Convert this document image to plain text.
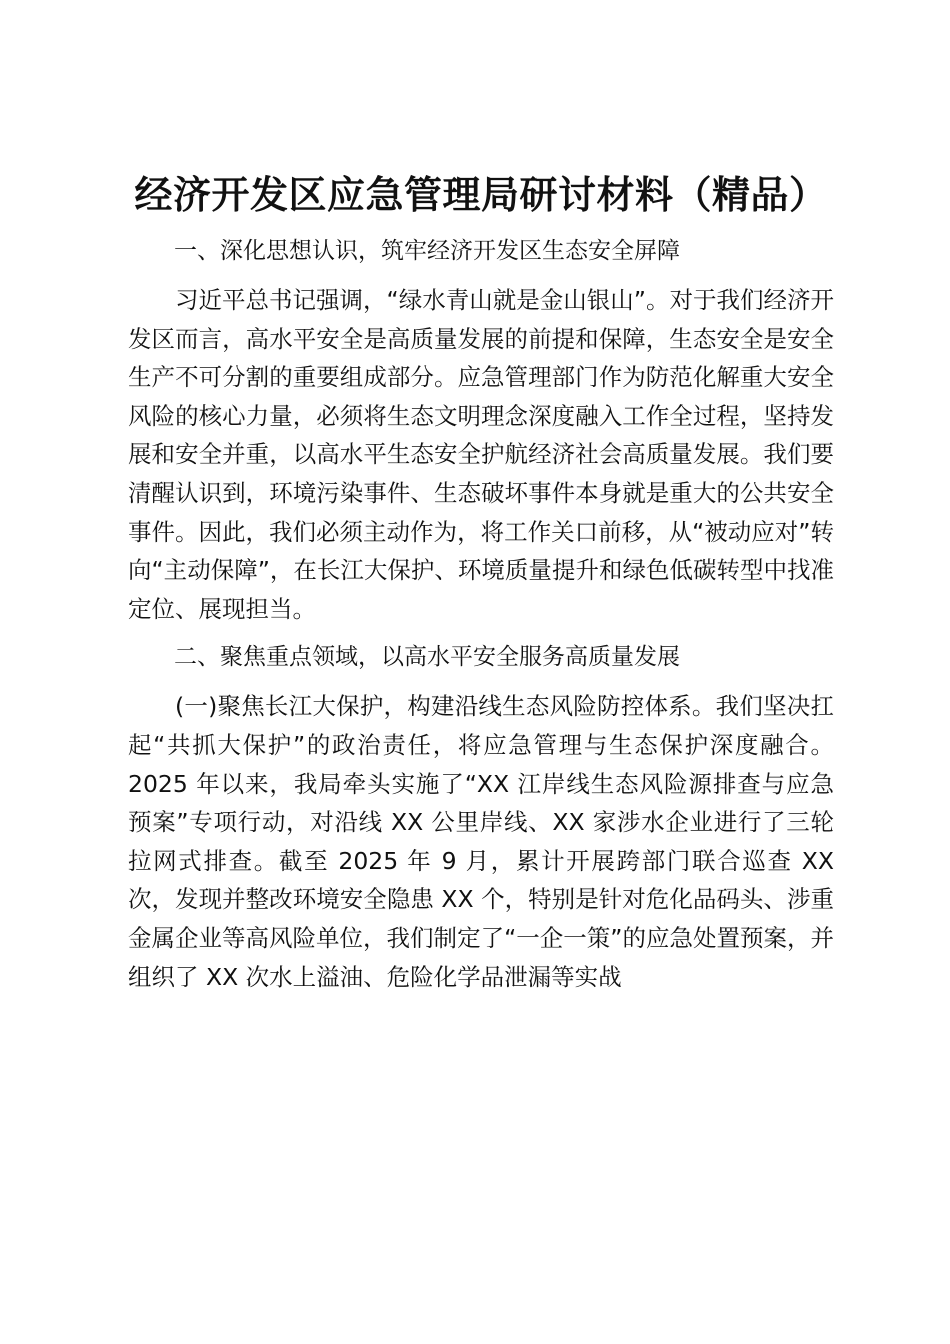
经济开发区应急管理局研讨材料（精品）

一、深化思想认识，筑牢经济开发区生态安全屏障

习近平总书记强调，“绿水青山就是金山银山”。对于我们经济开发区而言，高水平安全是高质量发展的前提和保障，生态安全是安全生产不可分割的重要组成部分。应急管理部门作为防范化解重大安全风险的核心力量，必须将生态文明理念深度融入工作全过程，坚持发展和安全并重，以高水平生态安全护航经济社会高质量发展。我们要清醒认识到，环境污染事件、生态破坏事件本身就是重大的公共安全事件。因此，我们必须主动作为，将工作关口前移，从“被动应对”转向“主动保障”，在长江大保护、环境质量提升和绿色低碳转型中找准定位、展现担当。

二、聚焦重点领域，以高水平安全服务高质量发展

(一)聚焦长江大保护，构建沿线生态风险防控体系。我们坚决扛起“共抓大保护”的政治责任，将应急管理与生态保护深度融合。2025 年以来，我局牵头实施了“XX 江岸线生态风险源排查与应急预案”专项行动，对沿线 XX 公里岸线、XX 家涉水企业进行了三轮拉网式排查。截至 2025 年 9 月，累计开展跨部门联合巡查 XX 次，发现并整改环境安全隐患 XX 个，特别是针对危化品码头、涉重金属企业等高风险单位，我们制定了“一企一策”的应急处置预案，并组织了 XX 次水上溢油、危险化学品泄漏等实战
